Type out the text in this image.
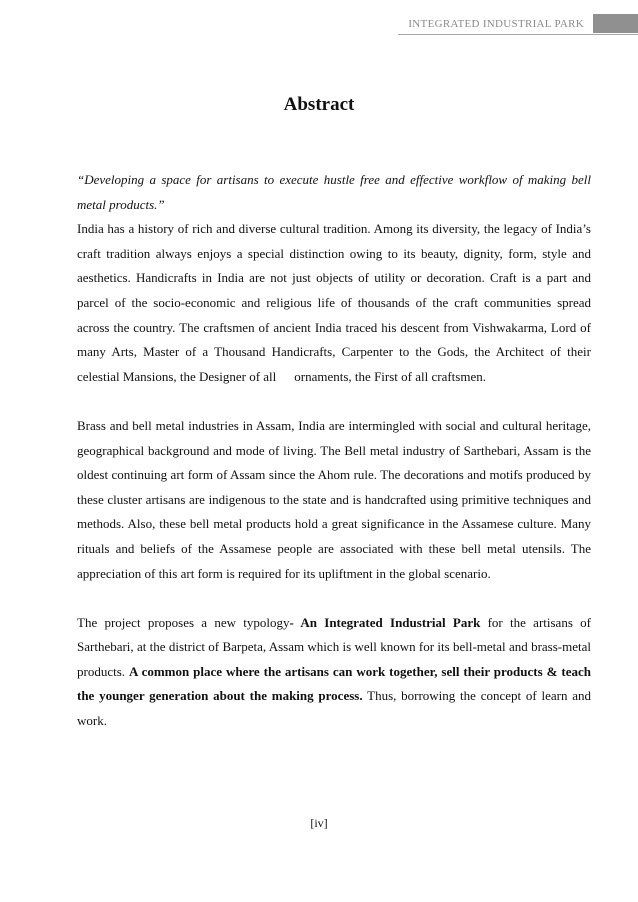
INTEGRATED INDUSTRIAL PARK
Abstract

“Developing a space for artisans to execute hustle free and effective workflow of making bell metal products.”

India has a history of rich and diverse cultural tradition. Among its diversity, the legacy of India’s craft tradition always enjoys a special distinction owing to its beauty, dignity, form, style and aesthetics. Handicrafts in India are not just objects of utility or decoration. Craft is a part and parcel of the socio-economic and religious life of thousands of the craft communities spread across the country. The craftsmen of ancient India traced his descent from Vishwakarma, Lord of many Arts, Master of a Thousand Handicrafts, Carpenter to the Gods, the Architect of their celestial Mansions, the Designer of all ornaments, the First of all craftsmen.

Brass and bell metal industries in Assam, India are intermingled with social and cultural heritage, geographical background and mode of living. The Bell metal industry of Sarthebari, Assam is the oldest continuing art form of Assam since the Ahom rule. The decorations and motifs produced by these cluster artisans are indigenous to the state and is handcrafted using primitive techniques and methods. Also, these bell metal products hold a great significance in the Assamese culture. Many rituals and beliefs of the Assamese people are associated with these bell metal utensils. The appreciation of this art form is required for its upliftment in the global scenario.

The project proposes a new typology- An Integrated Industrial Park for the artisans of Sarthebari, at the district of Barpeta, Assam which is well known for its bell-metal and brass-metal products. A common place where the artisans can work together, sell their products & teach the younger generation about the making process. Thus, borrowing the concept of learn and work.

[iv]
